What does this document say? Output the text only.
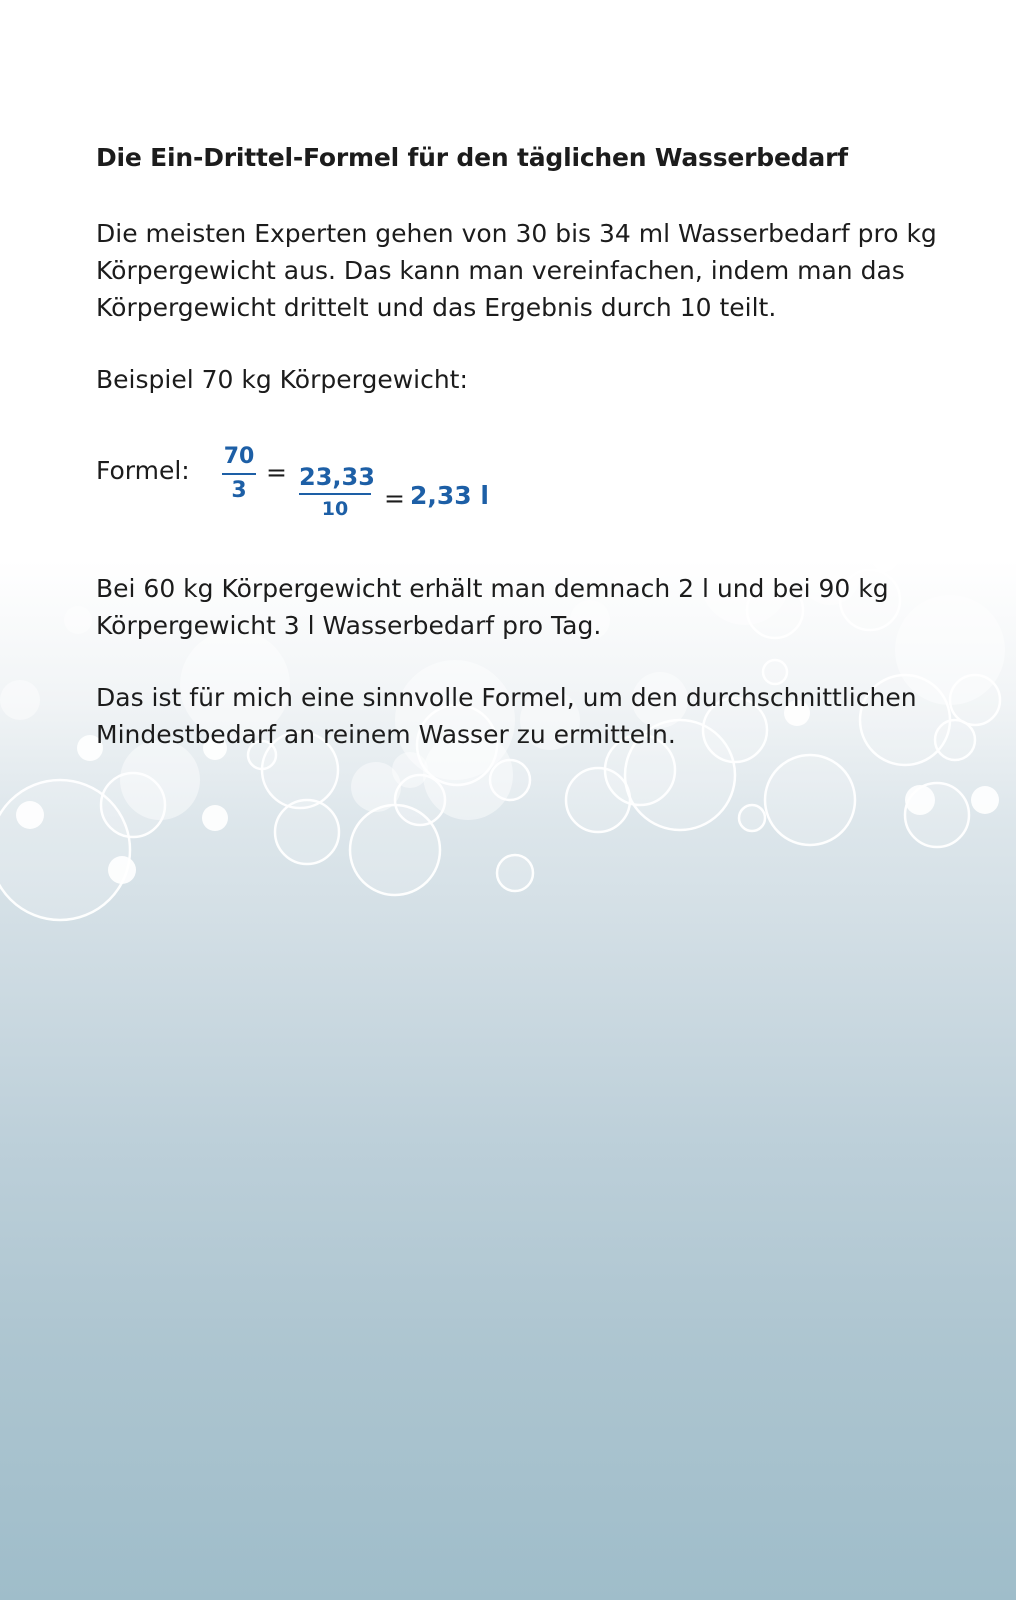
Die Ein-Drittel-Formel für den täglichen Wasserbedarf

Die meisten Experten gehen von 30 bis 34 ml Wasserbedarf pro kg Körpergewicht aus. Das kann man vereinfachen, indem man das Körpergewicht drittelt und das Ergebnis durch 10 teilt.

Beispiel 70 kg Körpergewicht:

Formel: 70
3
= 23,33
10	= 2,33 l

Bei 60 kg Körpergewicht erhält man demnach 2 l und bei 90 kg Körpergewicht 3 l Wasserbedarf pro Tag.

Das ist für mich eine sinnvolle Formel, um den durchschnittlichen Mindestbedarf an reinem Wasser zu ermitteln.
